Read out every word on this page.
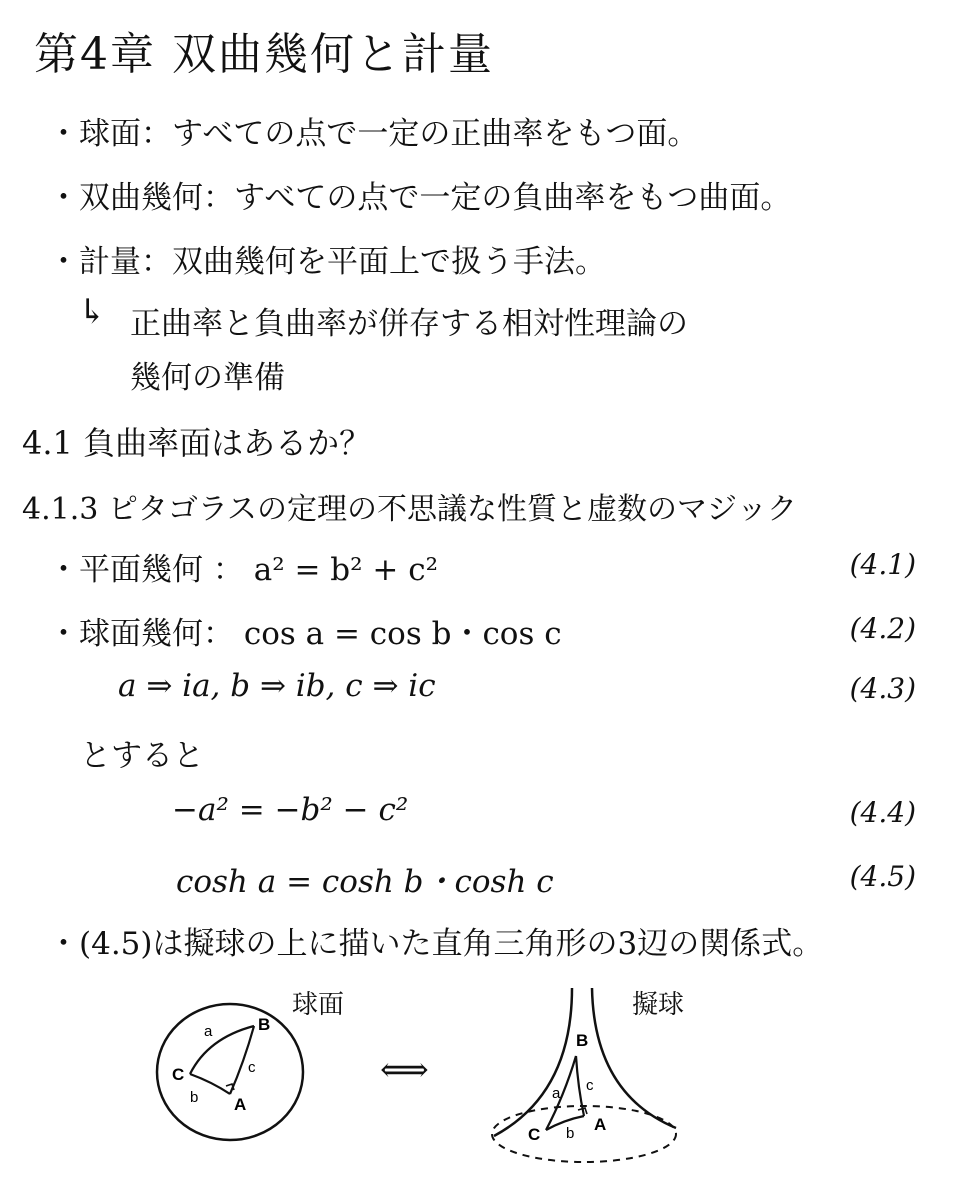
第4章 双曲幾何と計量
・球面：すべての点で一定の正曲率をもつ面。
・双曲幾何：すべての点で一定の負曲率をもつ曲面。
・計量：双曲幾何を平面上で扱う手法。
↳ 正曲率と負曲率が併存する相対性理論の
幾何の準備
4.1 負曲率面はあるか？
4.1.3 ピタゴラスの定理の不思議な性質と虚数のマジック
・平面幾何 ： a² = b² + c²	(4.1)
・球面幾何： cos a = cos b・cos c	(4.2)
a ⇒ ia, b ⇒ ib, c ⇒ ic	(4.3)
とすると
−a² = −b² − c²	(4.4)
cosh a = cosh b・cosh c	(4.5)
・(4.5)は擬球の上に描いた直角三角形の3辺の関係式。
球面
B
C
A
a
b
c	⟺
擬球
B
C
A
a
b
c
